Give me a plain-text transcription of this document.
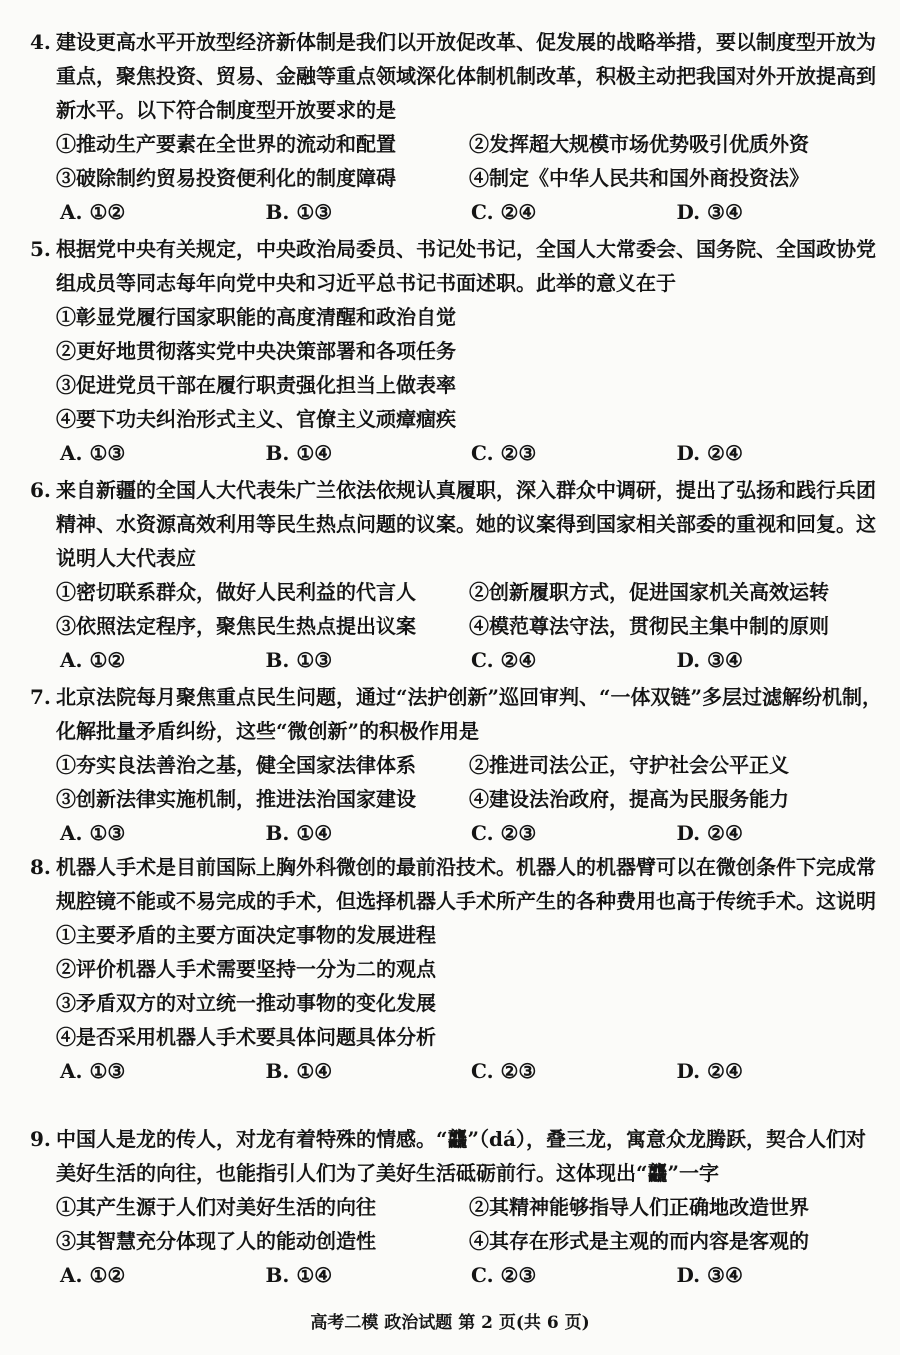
4. 建设更高水平开放型经济新体制是我们以开放促改革、促发展的战略举措，要以制度型开放为重点，聚焦投资、贸易、金融等重点领域深化体制机制改革，积极主动把我国对外开放提高到新水平。以下符合制度型开放要求的是
①推动生产要素在全世界的流动和配置	②发挥超大规模市场优势吸引优质外资
③破除制约贸易投资便利化的制度障碍	④制定《中华人民共和国外商投资法》
A. ①②	B. ①③	C. ②④	D. ③④
5. 根据党中央有关规定，中央政治局委员、书记处书记，全国人大常委会、国务院、全国政协党组成员等同志每年向党中央和习近平总书记书面述职。此举的意义在于
①彰显党履行国家职能的高度清醒和政治自觉
②更好地贯彻落实党中央决策部署和各项任务
③促进党员干部在履行职责强化担当上做表率
④要下功夫纠治形式主义、官僚主义顽瘴痼疾
A. ①③	B. ①④	C. ②③	D. ②④
6. 来自新疆的全国人大代表朱广兰依法依规认真履职，深入群众中调研，提出了弘扬和践行兵团精神、水资源高效利用等民生热点问题的议案。她的议案得到国家相关部委的重视和回复。这说明人大代表应
①密切联系群众，做好人民利益的代言人	②创新履职方式，促进国家机关高效运转
③依照法定程序，聚焦民生热点提出议案	④模范尊法守法，贯彻民主集中制的原则
A. ①②	B. ①③	C. ②④	D. ③④
7. 北京法院每月聚焦重点民生问题，通过“法护创新”巡回审判、“一体双链”多层过滤解纷机制，化解批量矛盾纠纷，这些“微创新”的积极作用是
①夯实良法善治之基，健全国家法律体系	②推进司法公正，守护社会公平正义
③创新法律实施机制，推进法治国家建设	④建设法治政府，提高为民服务能力
A. ①③	B. ①④	C. ②③	D. ②④
8. 机器人手术是目前国际上胸外科微创的最前沿技术。机器人的机器臂可以在微创条件下完成常规腔镜不能或不易完成的手术，但选择机器人手术所产生的各种费用也高于传统手术。这说明
①主要矛盾的主要方面决定事物的发展进程
②评价机器人手术需要坚持一分为二的观点
③矛盾双方的对立统一推动事物的变化发展
④是否采用机器人手术要具体问题具体分析
A. ①③	B. ①④	C. ②③	D. ②④
9. 中国人是龙的传人，对龙有着特殊的情感。“龘”（dá），叠三龙，寓意众龙腾跃，契合人们对美好生活的向往，也能指引人们为了美好生活砥砺前行。这体现出“龘”一字
①其产生源于人们对美好生活的向往	②其精神能够指导人们正确地改造世界
③其智慧充分体现了人的能动创造性	④其存在形式是主观的而内容是客观的
A. ①②	B. ①④	C. ②③	D. ③④
高考二模 政治试题 第 2 页(共 6 页)
